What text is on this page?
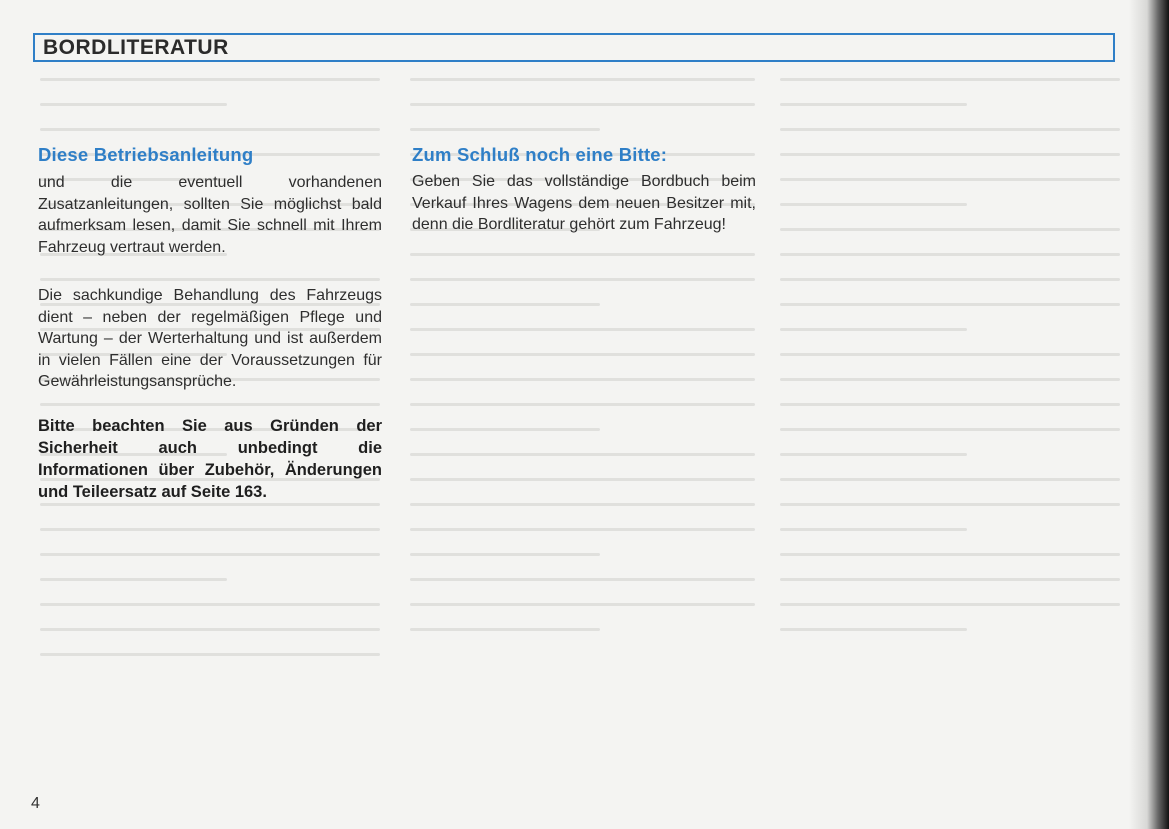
BORDLITERATUR
Diese Betriebsanleitung

und die eventuell vorhandenen Zusatzanleitungen, sollten Sie möglichst bald aufmerksam lesen, damit Sie schnell mit Ihrem Fahrzeug vertraut werden.

Die sachkundige Behandlung des Fahrzeugs dient – neben der regelmäßigen Pflege und Wartung – der Werterhaltung und ist außerdem in vielen Fällen eine der Voraussetzungen für Gewährleistungsansprüche.

Bitte beachten Sie aus Gründen der Sicherheit auch unbedingt die Informationen über Zubehör, Änderungen und Teileersatz auf Seite 163.
Zum Schluß noch eine Bitte:

Geben Sie das vollständige Bordbuch beim Verkauf Ihres Wagens dem neuen Besitzer mit, denn die Bordliteratur gehört zum Fahrzeug!

4
